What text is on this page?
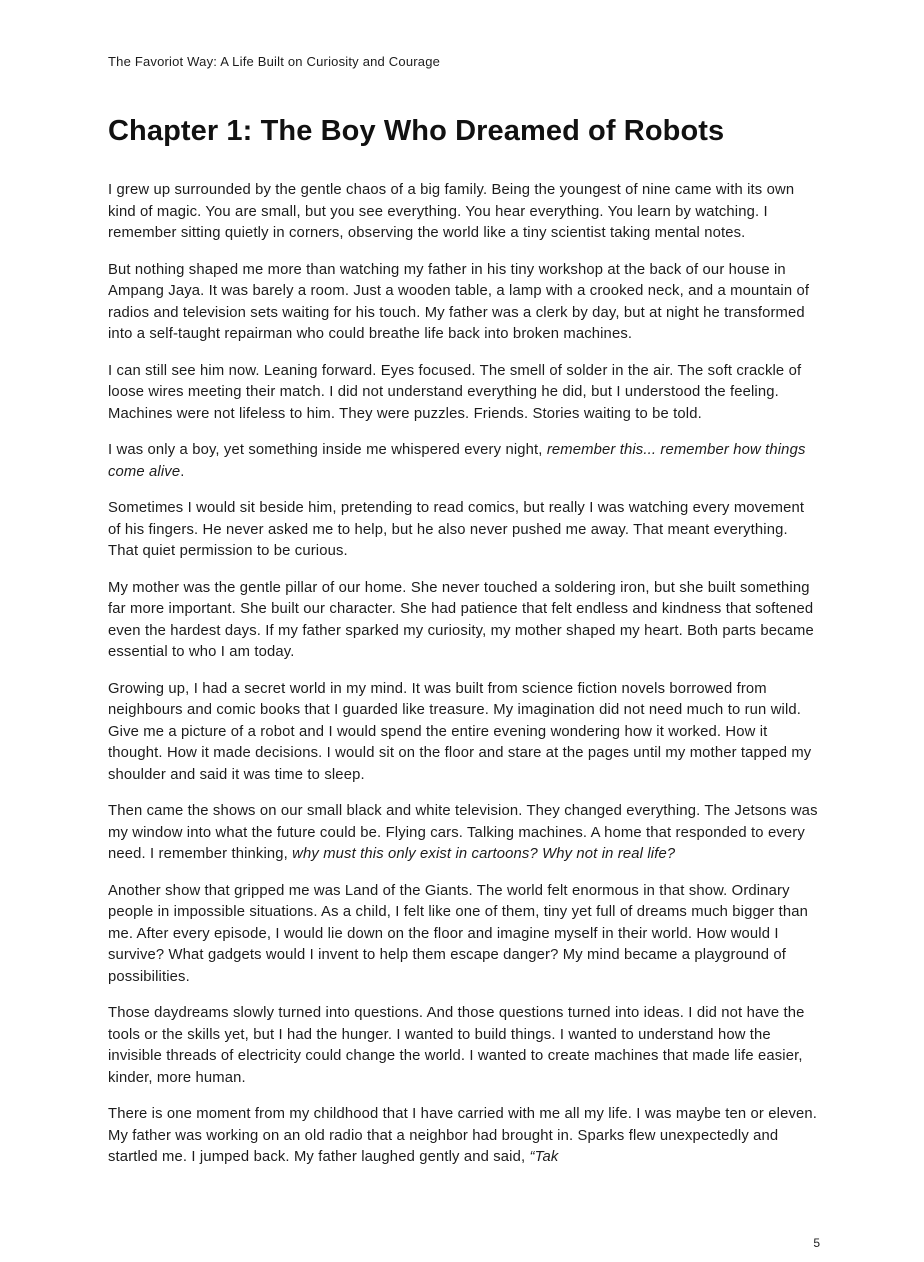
The Favoriot Way: A Life Built on Curiosity and Courage
Chapter 1: The Boy Who Dreamed of Robots

I grew up surrounded by the gentle chaos of a big family. Being the youngest of nine came with its own kind of magic. You are small, but you see everything. You hear everything. You learn by watching. I remember sitting quietly in corners, observing the world like a tiny scientist taking mental notes.

But nothing shaped me more than watching my father in his tiny workshop at the back of our house in Ampang Jaya. It was barely a room. Just a wooden table, a lamp with a crooked neck, and a mountain of radios and television sets waiting for his touch. My father was a clerk by day, but at night he transformed into a self-taught repairman who could breathe life back into broken machines.

I can still see him now. Leaning forward. Eyes focused. The smell of solder in the air. The soft crackle of loose wires meeting their match. I did not understand everything he did, but I understood the feeling. Machines were not lifeless to him. They were puzzles. Friends. Stories waiting to be told.

I was only a boy, yet something inside me whispered every night, remember this... remember how things come alive.

Sometimes I would sit beside him, pretending to read comics, but really I was watching every movement of his fingers. He never asked me to help, but he also never pushed me away. That meant everything. That quiet permission to be curious.

My mother was the gentle pillar of our home. She never touched a soldering iron, but she built something far more important. She built our character. She had patience that felt endless and kindness that softened even the hardest days. If my father sparked my curiosity, my mother shaped my heart. Both parts became essential to who I am today.

Growing up, I had a secret world in my mind. It was built from science fiction novels borrowed from neighbours and comic books that I guarded like treasure. My imagination did not need much to run wild. Give me a picture of a robot and I would spend the entire evening wondering how it worked. How it thought. How it made decisions. I would sit on the floor and stare at the pages until my mother tapped my shoulder and said it was time to sleep.

Then came the shows on our small black and white television. They changed everything. The Jetsons was my window into what the future could be. Flying cars. Talking machines. A home that responded to every need. I remember thinking, why must this only exist in cartoons? Why not in real life?

Another show that gripped me was Land of the Giants. The world felt enormous in that show. Ordinary people in impossible situations. As a child, I felt like one of them, tiny yet full of dreams much bigger than me. After every episode, I would lie down on the floor and imagine myself in their world. How would I survive? What gadgets would I invent to help them escape danger? My mind became a playground of possibilities.

Those daydreams slowly turned into questions. And those questions turned into ideas. I did not have the tools or the skills yet, but I had the hunger. I wanted to build things. I wanted to understand how the invisible threads of electricity could change the world. I wanted to create machines that made life easier, kinder, more human.

There is one moment from my childhood that I have carried with me all my life. I was maybe ten or eleven. My father was working on an old radio that a neighbor had brought in. Sparks flew unexpectedly and startled me. I jumped back. My father laughed gently and said, “Tak

5
